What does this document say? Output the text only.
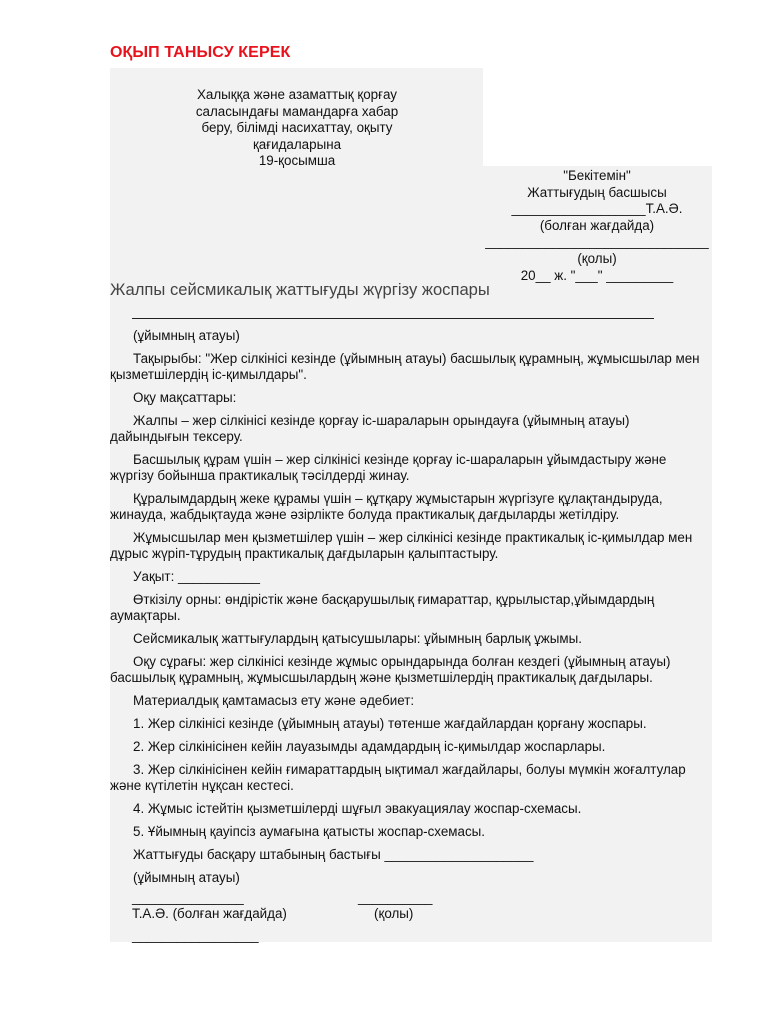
ОҚЫП ТАНЫСУ КЕРЕК
Халыққа және азаматтық қорғау
саласындағы мамандарға хабар
беру, білімді насихаттау, оқыту
қағидаларына
19-қосымша
"Бекітемін"
Жаттығудың басшысы
__________________Т.А.Ә.
(болған жағдайда)
______________________________
(қолы)
20__ ж. "___" _________
Жалпы сейсмикалық жаттығуды жүргізу жоспары

(ұйымның атауы)

Тақырыбы: "Жер сілкінісі кезінде (ұйымның атауы) басшылық құрамның, жұмысшылар мен қызметшілердің іс-қимылдары".

Оқу мақсаттары:

Жалпы – жер сілкінісі кезінде қорғау іс-шараларын орындауға (ұйымның атауы) дайындығын тексеру.

Басшылық құрам үшін – жер сілкінісі кезінде қорғау іс-шараларын ұйымдастыру және жүргізу бойынша практикалық тәсілдерді жинау.

Құралымдардың жеке құрамы үшін – құтқару жұмыстарын жүргізуге құлақтандыруда, жинауда, жабдықтауда және әзірлікте болуда практикалық дағдыларды жетілдіру.

Жұмысшылар мен қызметшілер үшін – жер сілкінісі кезінде практикалық іс-қимылдар мен дұрыс жүріп-тұрудың практикалық дағдыларын қалыптастыру.

Уақыт: ___________

Өткізілу орны: өндірістік және басқарушылық ғимараттар, құрылыстар,ұйымдардың аумақтары.

Сейсмикалық жаттығулардың қатысушылары: ұйымның барлық ұжымы.

Оқу сұрағы: жер сілкінісі кезінде жұмыс орындарында болған кездегі (ұйымның атауы) басшылық құрамның, жұмысшылардың және қызметшілердің практикалық дағдылары.

Материалдық қамтамасыз ету және әдебиет:

1. Жер сілкінісі кезінде (ұйымның атауы) төтенше жағдайлардан қорғану жоспары.

2. Жер сілкінісінен кейін лауазымды адамдардың іс-қимылдар жоспарлары.

3. Жер сілкінісінен кейін ғимараттардың ықтимал жағдайлары, болуы мүмкін жоғалтулар және күтілетін нұқсан кестесі.

4. Жұмыс істейтін қызметшілерді шұғыл эвакуациялау жоспар-схемасы.

5. Ұйымның қауіпсіз аумағына қатысты жоспар-схемасы.

Жаттығуды басқару штабының бастығы ____________________

(ұйымның атауы)

_______________	__________
Т.А.Ә. (болған жағдайда)	(қолы)
_________________
